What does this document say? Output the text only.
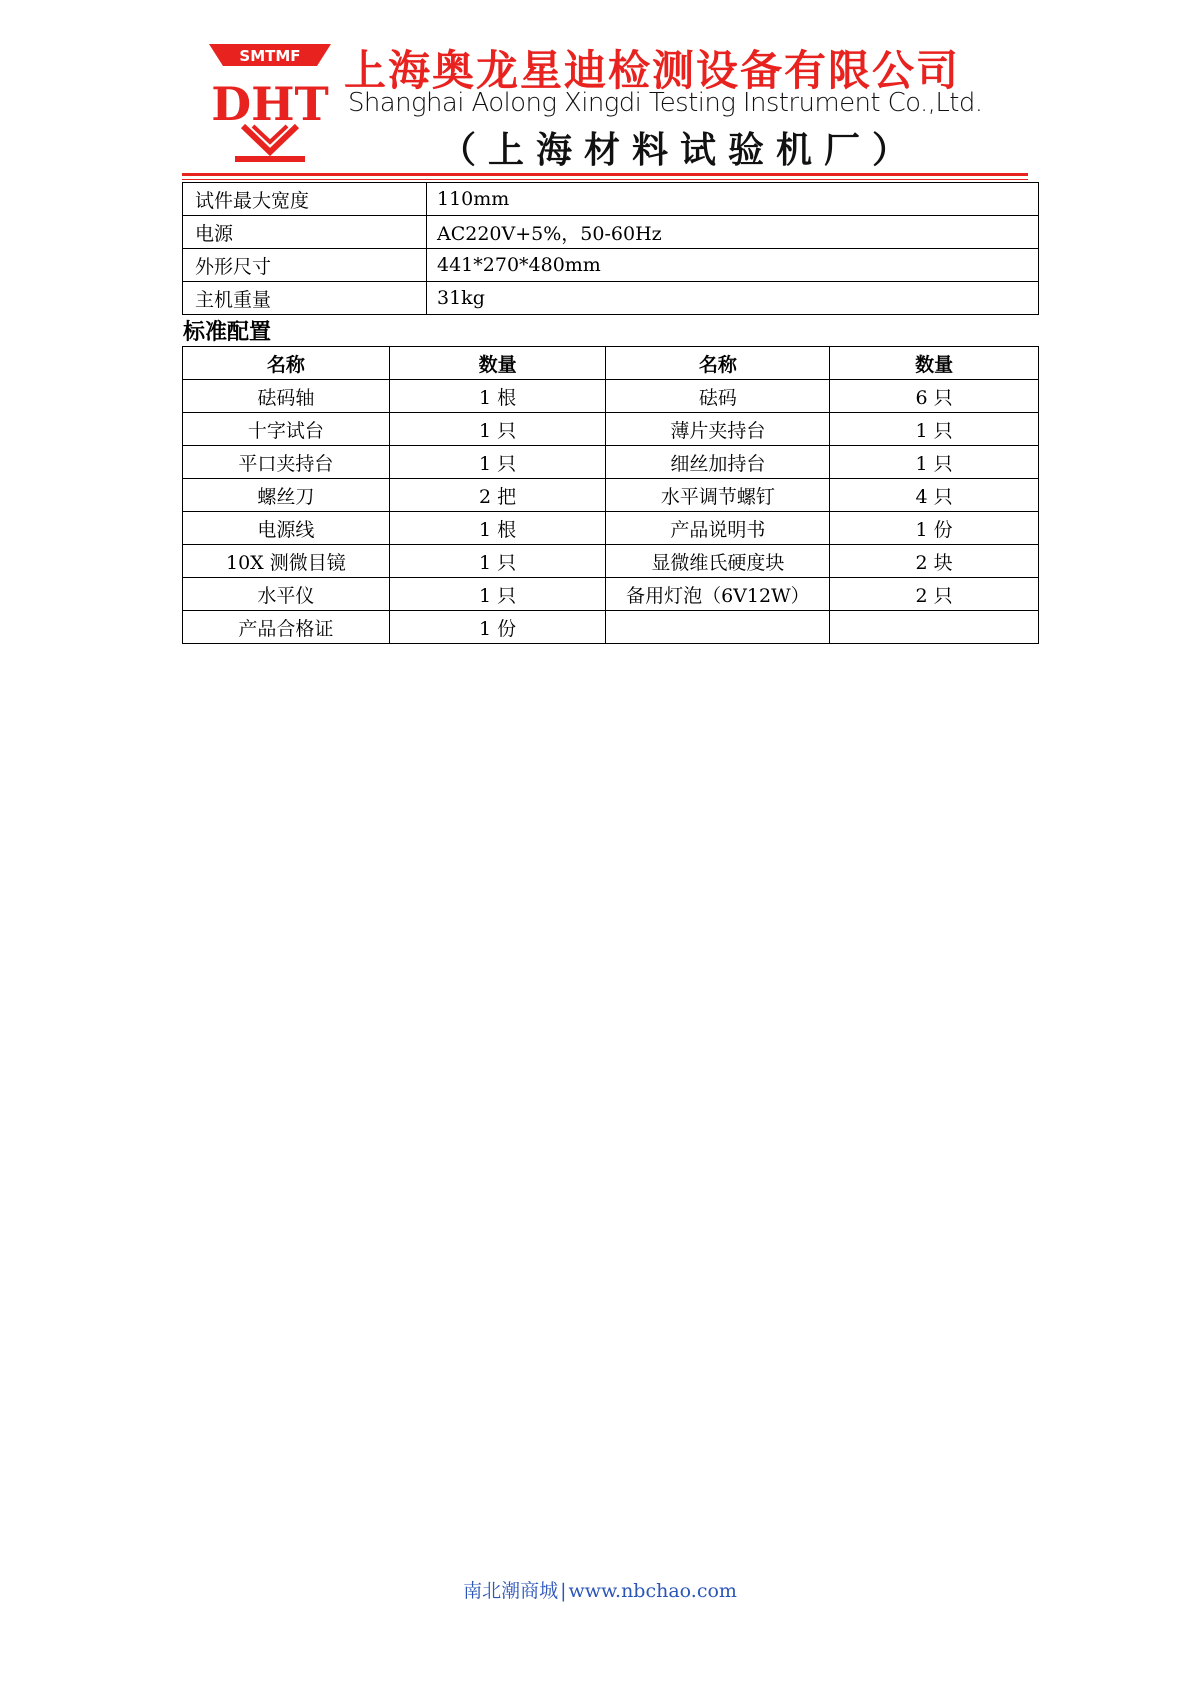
SMTMF
DHT
上海奥龙星迪检测设备有限公司
Shanghai Aolong Xingdi Testing Instrument Co.,Ltd.
（上海材料试验机厂）
试件最大宽度	110mm
电源	AC220V+5%，50-60Hz
外形尺寸	441*270*480mm
主机重量	31kg
标准配置
名称	数量	名称	数量
砝码轴	1 根	砝码	6 只
十字试台	1 只	薄片夹持台	1 只
平口夹持台	1 只	细丝加持台	1 只
螺丝刀	2 把	水平调节螺钉	4 只
电源线	1 根	产品说明书	1 份
10X 测微目镜	1 只	显微维氏硬度块	2 块
水平仪	1 只	备用灯泡（6V12W）	2 只
产品合格证	1 份		
南北潮商城 | www.nbchao.com
